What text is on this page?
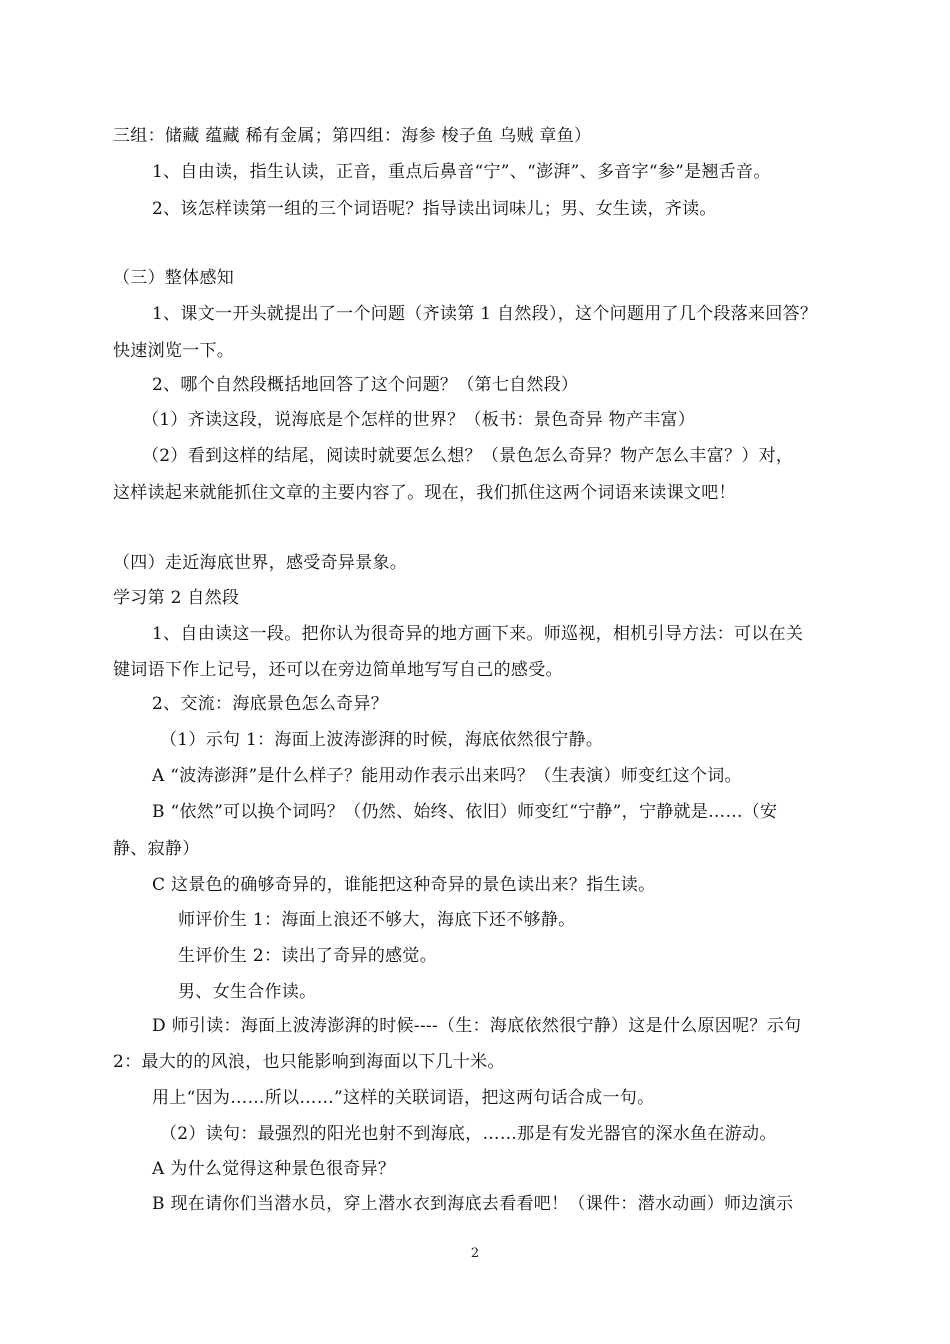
三组：储藏 蕴藏 稀有金属；第四组：海参 梭子鱼 乌贼 章鱼）
1、自由读，指生认读，正音，重点后鼻音“宁”、“澎湃”、多音字“参”是翘舌音。
2、该怎样读第一组的三个词语呢？指导读出词味儿；男、女生读，齐读。
（三）整体感知
1、课文一开头就提出了一个问题（齐读第 1 自然段），这个问题用了几个段落来回答？
快速浏览一下。
2、哪个自然段概括地回答了这个问题？（第七自然段）
（1）齐读这段，说海底是个怎样的世界？（板书：景色奇异 物产丰富）
（2）看到这样的结尾，阅读时就要怎么想？（景色怎么奇异？物产怎么丰富？）对，
这样读起来就能抓住文章的主要内容了。现在，我们抓住这两个词语来读课文吧！
（四）走近海底世界，感受奇异景象。
学习第 2 自然段
1、自由读这一段。把你认为很奇异的地方画下来。师巡视，相机引导方法：可以在关
键词语下作上记号，还可以在旁边简单地写写自己的感受。
2、交流：海底景色怎么奇异？
（1）示句 1：海面上波涛澎湃的时候，海底依然很宁静。
A “波涛澎湃”是什么样子？能用动作表示出来吗？（生表演）师变红这个词。
B “依然”可以换个词吗？（仍然、始终、依旧）师变红“宁静”，宁静就是……（安
静、寂静）
C 这景色的确够奇异的，谁能把这种奇异的景色读出来？指生读。
师评价生 1：海面上浪还不够大，海底下还不够静。
生评价生 2：读出了奇异的感觉。
男、女生合作读。
D 师引读：海面上波涛澎湃的时候----（生：海底依然很宁静）这是什么原因呢？示句
2：最大的的风浪，也只能影响到海面以下几十米。
用上“因为……所以……”这样的关联词语，把这两句话合成一句。
（2）读句：最强烈的阳光也射不到海底，……那是有发光器官的深水鱼在游动。
A 为什么觉得这种景色很奇异？
B 现在请你们当潜水员，穿上潜水衣到海底去看看吧！（课件：潜水动画）师边演示
2
